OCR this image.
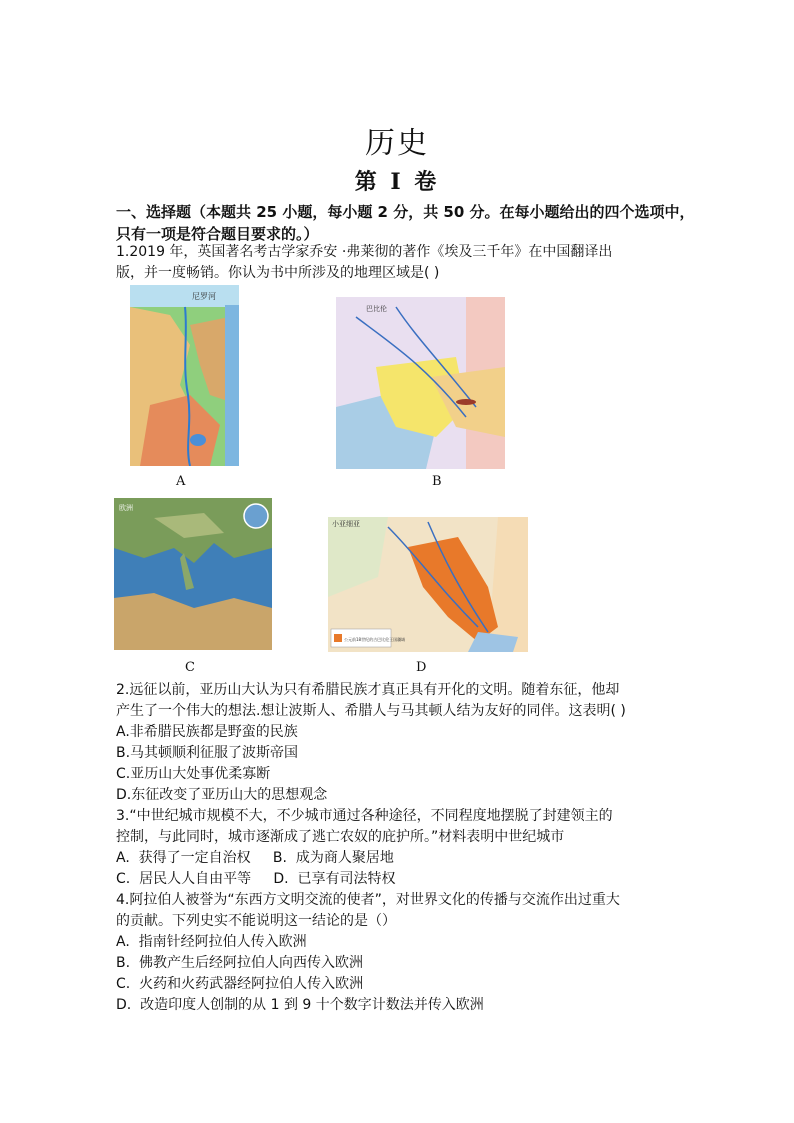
历史
第 I 卷
一、选择题（本题共 25 小题，每小题 2 分，共 50 分。在每小题给出的四个选项中， 只有一项是符合题目要求的。）
1.2019 年，英国著名考古学家乔安 ·弗莱彻的著作《埃及三千年》在中国翻译出
版，并一度畅销。你认为书中所涉及的地理区域是( )
尼罗河
A
巴比伦
B
欧洲
C
公元前18世纪的古巴比伦王国疆域
小亚细亚
D
2.远征以前，亚历山大认为只有希腊民族才真正具有开化的文明。随着东征，他却
产生了一个伟大的想法.想让波斯人、希腊人与马其顿人结为友好的同伴。这表明( )
A.非希腊民族都是野蛮的民族
B.马其顿顺利征服了波斯帝国
C.亚历山大处事优柔寡断
D.东征改变了亚历山大的思想观念
3.“中世纪城市规模不大，不少城市通过各种途径，不同程度地摆脱了封建领主的
控制，与此同时，城市逐渐成了逃亡农奴的庇护所。”材料表明中世纪城市
A.  获得了一定自治权     B.  成为商人聚居地
C.  居民人人自由平等     D.  已享有司法特权
4.阿拉伯人被誉为“东西方文明交流的使者”，对世界文化的传播与交流作出过重大
的贡献。下列史实不能说明这一结论的是（）
A.  指南针经阿拉伯人传入欧洲
B.  佛教产生后经阿拉伯人向西传入欧洲
C.  火药和火药武器经阿拉伯人传入欧洲
D.  改造印度人创制的从 1 到 9 十个数字计数法并传入欧洲
